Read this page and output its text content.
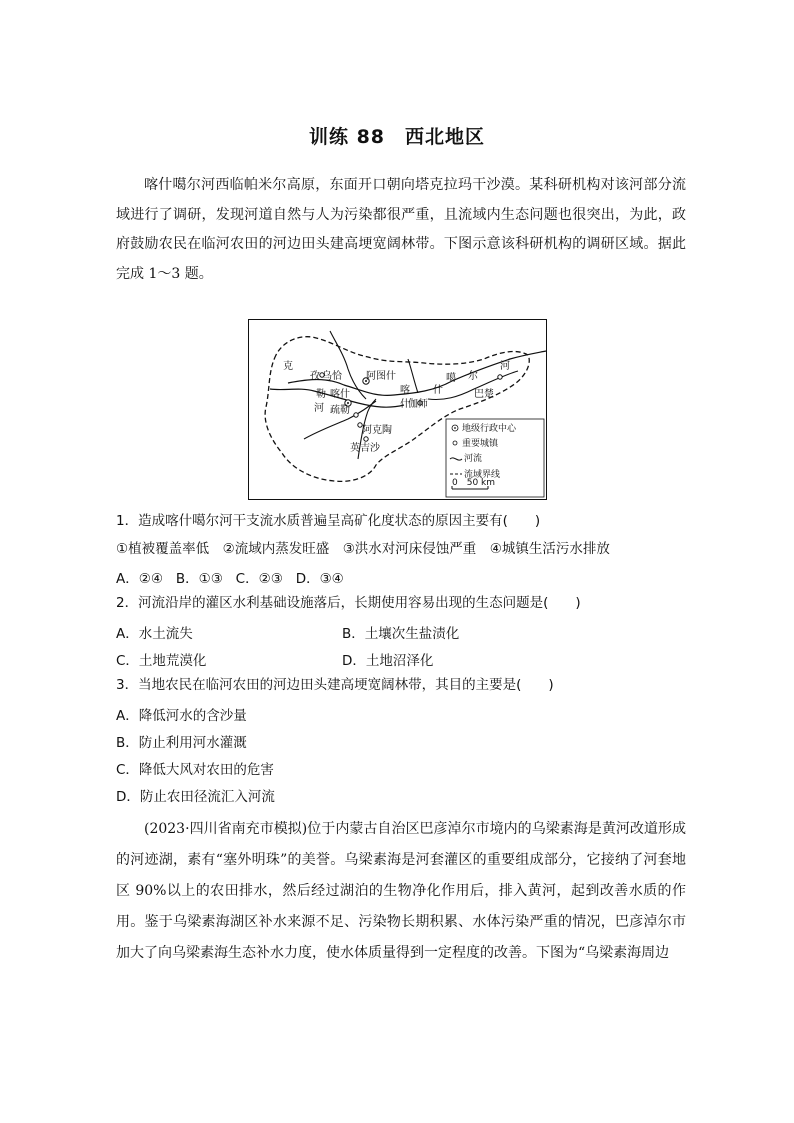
训练 88　西北地区
喀什噶尔河西临帕米尔高原，东面开口朝向塔克拉玛干沙漠。某科研机构对该河部分流域进行了调研，发现河道自然与人为污染都很严重，且流域内生态问题也很突出，为此，政府鼓励农民在临河农田的河边田头建高埂宽阔林带。下图示意该科研机构的调研区域。据此完成 1～3 题。
克
孜 乌恰
勒
河
喀什
阿图什
喀
什
伽师
什
噶 尔
河
巴楚
疏勒
阿克陶
英吉沙
地级行政中心
重要城镇
河流
流域界线
0　50 km
1．造成喀什噶尔河干支流水质普遍呈高矿化度状态的原因主要有(　　)
①植被覆盖率低　②流域内蒸发旺盛　③洪水对河床侵蚀严重　④城镇生活污水排放
A．②④ B．①③ C．②③ D．③④
2．河流沿岸的灌区水利基础设施落后，长期使用容易出现的生态问题是(　　)
A．水土流失	B．土壤次生盐渍化
C．土地荒漠化	D．土地沼泽化
3．当地农民在临河农田的河边田头建高埂宽阔林带，其目的主要是(　　)
A．降低河水的含沙量
B．防止利用河水灌溉
C．降低大风对农田的危害
D．防止农田径流汇入河流
(2023·四川省南充市模拟)位于内蒙古自治区巴彦淖尔市境内的乌梁素海是黄河改道形成的河迹湖，素有“塞外明珠”的美誉。乌梁素海是河套灌区的重要组成部分，它接纳了河套地区 90%以上的农田排水，然后经过湖泊的生物净化作用后，排入黄河，起到改善水质的作用。鉴于乌梁素海湖区补水来源不足、污染物长期积累、水体污染严重的情况，巴彦淖尔市加大了向乌梁素海生态补水力度，使水体质量得到一定程度的改善。下图为“乌梁素海周边
